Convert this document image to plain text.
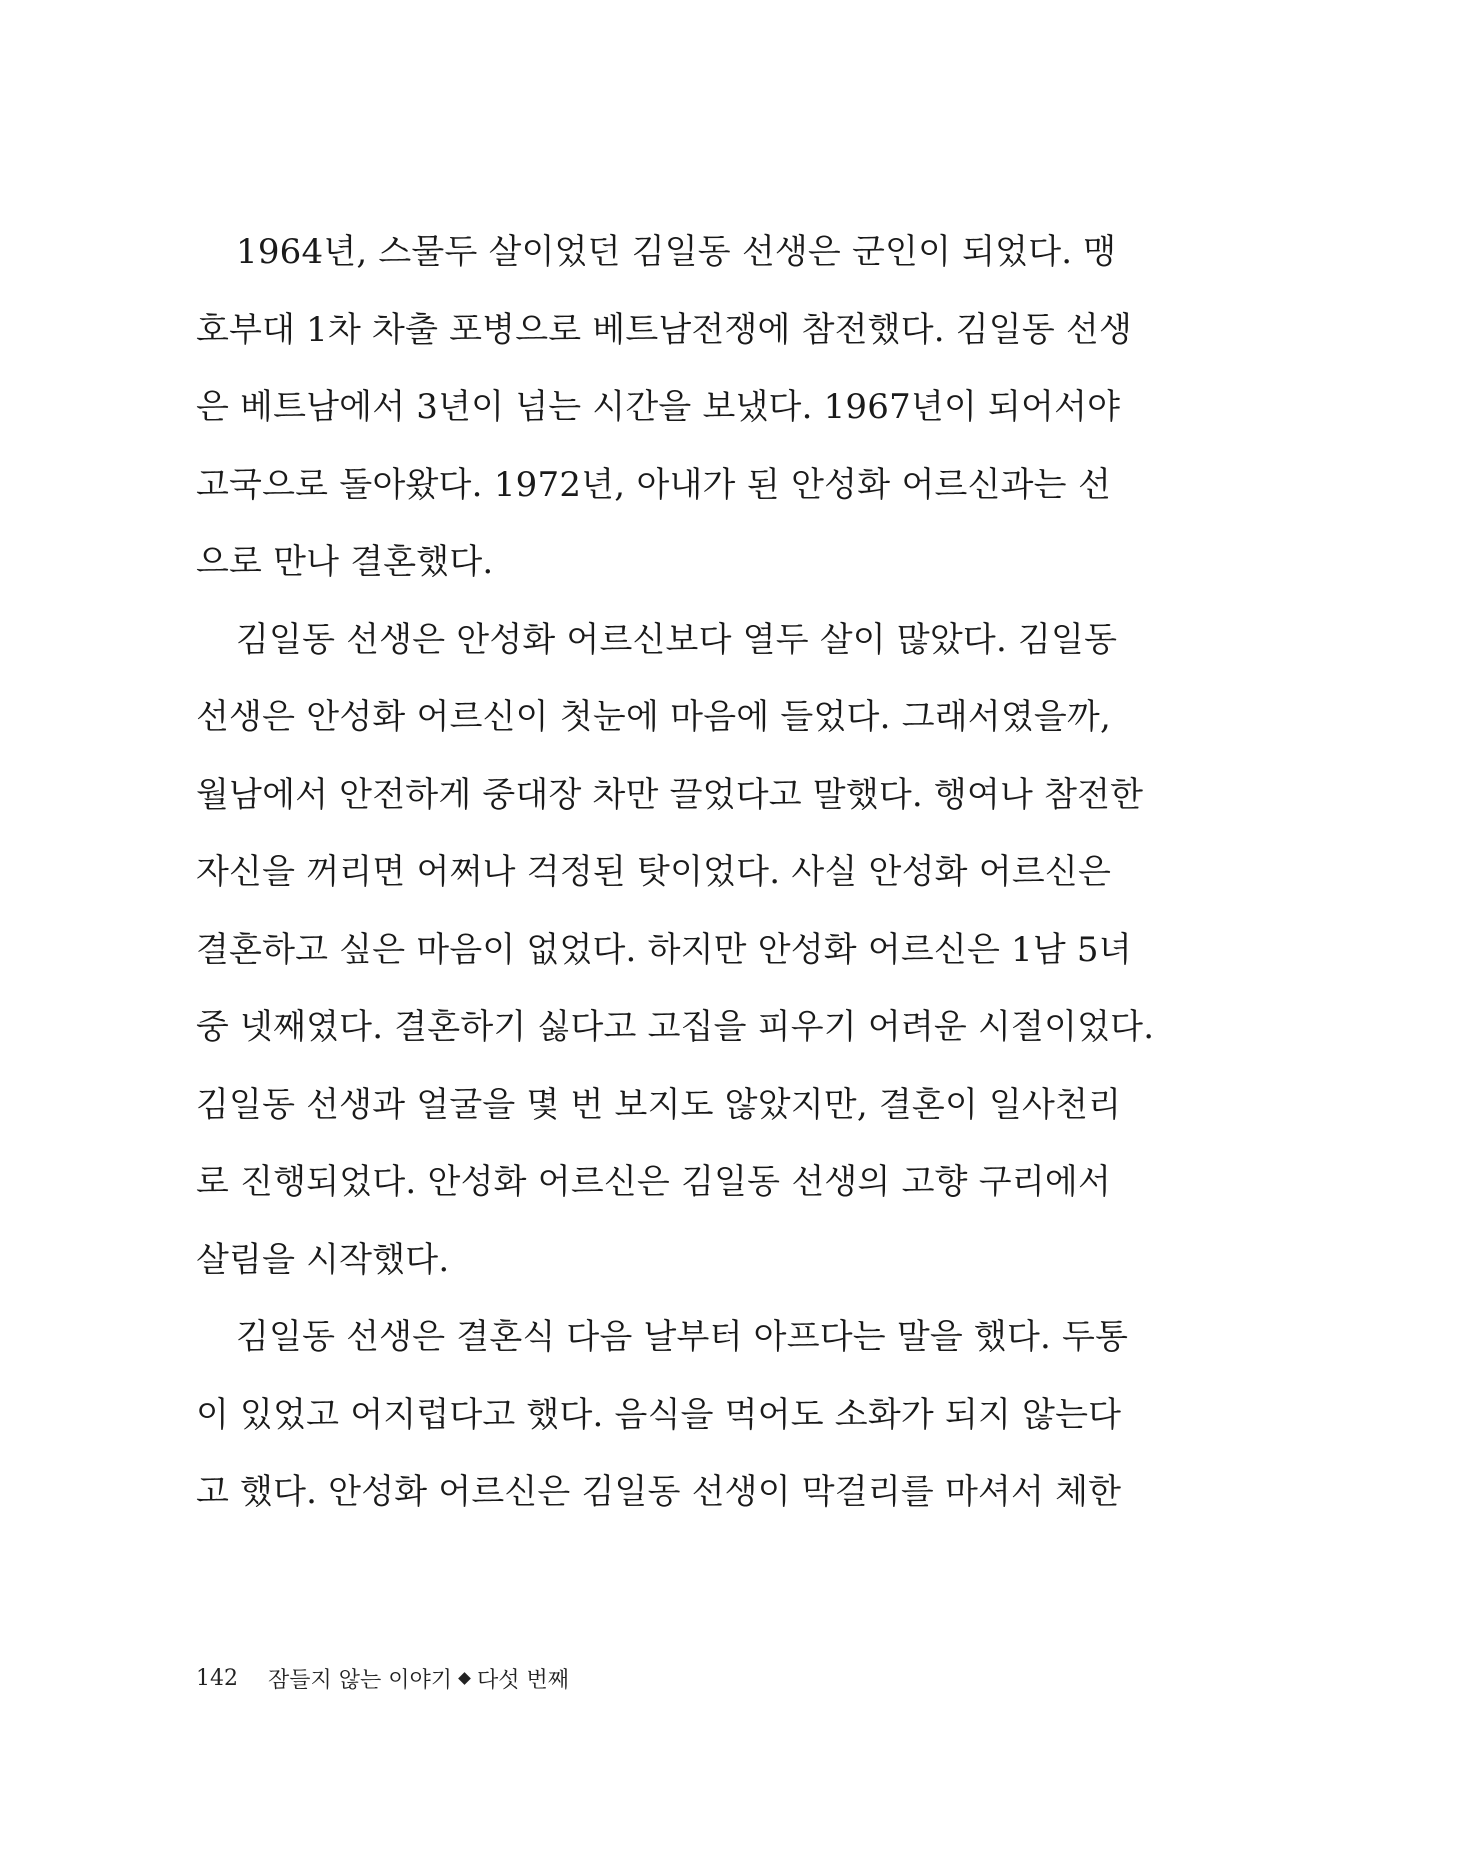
1964년, 스물두 살이었던 김일동 선생은 군인이 되었다. 맹
호부대 1차 차출 포병으로 베트남전쟁에 참전했다. 김일동 선생
은 베트남에서 3년이 넘는 시간을 보냈다. 1967년이 되어서야
고국으로 돌아왔다. 1972년, 아내가 된 안성화 어르신과는 선
으로 만나 결혼했다.
김일동 선생은 안성화 어르신보다 열두 살이 많았다. 김일동
선생은 안성화 어르신이 첫눈에 마음에 들었다. 그래서였을까,
월남에서 안전하게 중대장 차만 끌었다고 말했다. 행여나 참전한
자신을 꺼리면 어쩌나 걱정된 탓이었다. 사실 안성화 어르신은
결혼하고 싶은 마음이 없었다. 하지만 안성화 어르신은 1남 5녀
중 넷째였다. 결혼하기 싫다고 고집을 피우기 어려운 시절이었다.
김일동 선생과 얼굴을 몇 번 보지도 않았지만, 결혼이 일사천리
로 진행되었다. 안성화 어르신은 김일동 선생의 고향 구리에서
살림을 시작했다.
김일동 선생은 결혼식 다음 날부터 아프다는 말을 했다. 두통
이 있었고 어지럽다고 했다. 음식을 먹어도 소화가 되지 않는다
고 했다. 안성화 어르신은 김일동 선생이 막걸리를 마셔서 체한
142 잠들지 않는 이야기 다섯 번째
